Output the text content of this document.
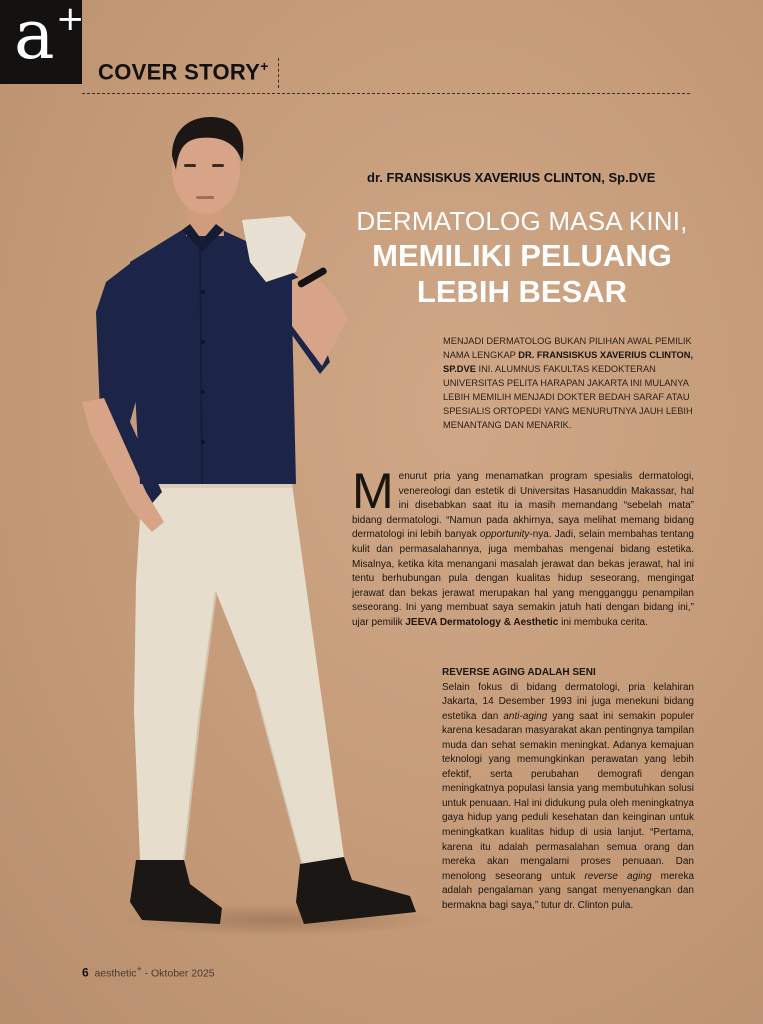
a +
COVER STORY+
dr. FRANSISKUS XAVERIUS CLINTON, Sp.DVE
DERMATOLOG MASA KINI,
MEMILIKI PELUANG
LEBIH BESAR
MENJADI DERMATOLOG BUKAN PILIHAN AWAL PEMILIK NAMA LENGKAP DR. FRANSISKUS XAVERIUS CLINTON, SP.DVE INI. ALUMNUS FAKULTAS KEDOKTERAN UNIVERSITAS PELITA HARAPAN JAKARTA INI MULANYA LEBIH MEMILIH MENJADI DOKTER BEDAH SARAF ATAU SPESIALIS ORTOPEDI YANG MENURUTNYA JAUH LEBIH MENANTANG DAN MENARIK.
Menurut pria yang menamatkan program spesialis dermatologi, venereologi dan estetik di Universitas Hasanuddin Makassar, hal ini disebabkan saat itu ia masih memandang “sebelah mata” bidang dermatologi. “Namun pada akhirnya, saya melihat memang bidang dermatologi ini lebih banyak opportunity-nya. Jadi, selain membahas tentang kulit dan permasalahannya, juga membahas mengenai bidang estetika. Misalnya, ketika kita menangani masalah jerawat dan bekas jerawat, hal ini tentu berhubungan pula dengan kualitas hidup seseorang, mengingat jerawat dan bekas jerawat merupakan hal yang mengganggu penampilan seseorang. Ini yang membuat saya semakin jatuh hati dengan bidang ini,” ujar pemilik JEEVA Dermatology & Aesthetic ini membuka cerita.
REVERSE AGING ADALAH SENI
Selain fokus di bidang dermatologi, pria kelahiran Jakarta, 14 Desember 1993 ini juga menekuni bidang estetika dan anti-aging yang saat ini semakin populer karena kesadaran masyarakat akan pentingnya tampilan muda dan sehat semakin meningkat. Adanya kemajuan teknologi yang memungkinkan perawatan yang lebih efektif, serta perubahan demografi dengan meningkatnya populasi lansia yang membutuhkan solusi untuk penuaan. Hal ini didukung pula oleh meningkatnya gaya hidup yang peduli kesehatan dan keinginan untuk meningkatkan kualitas hidup di usia lanjut. “Pertama, karena itu adalah permasalahan semua orang dan mereka akan mengalami proses penuaan. Dan menolong seseorang untuk reverse aging mereka adalah pengalaman yang sangat menyenangkan dan bermakna bagi saya,” tutur dr. Clinton pula.
6 aesthetic+ - Oktober 2025
